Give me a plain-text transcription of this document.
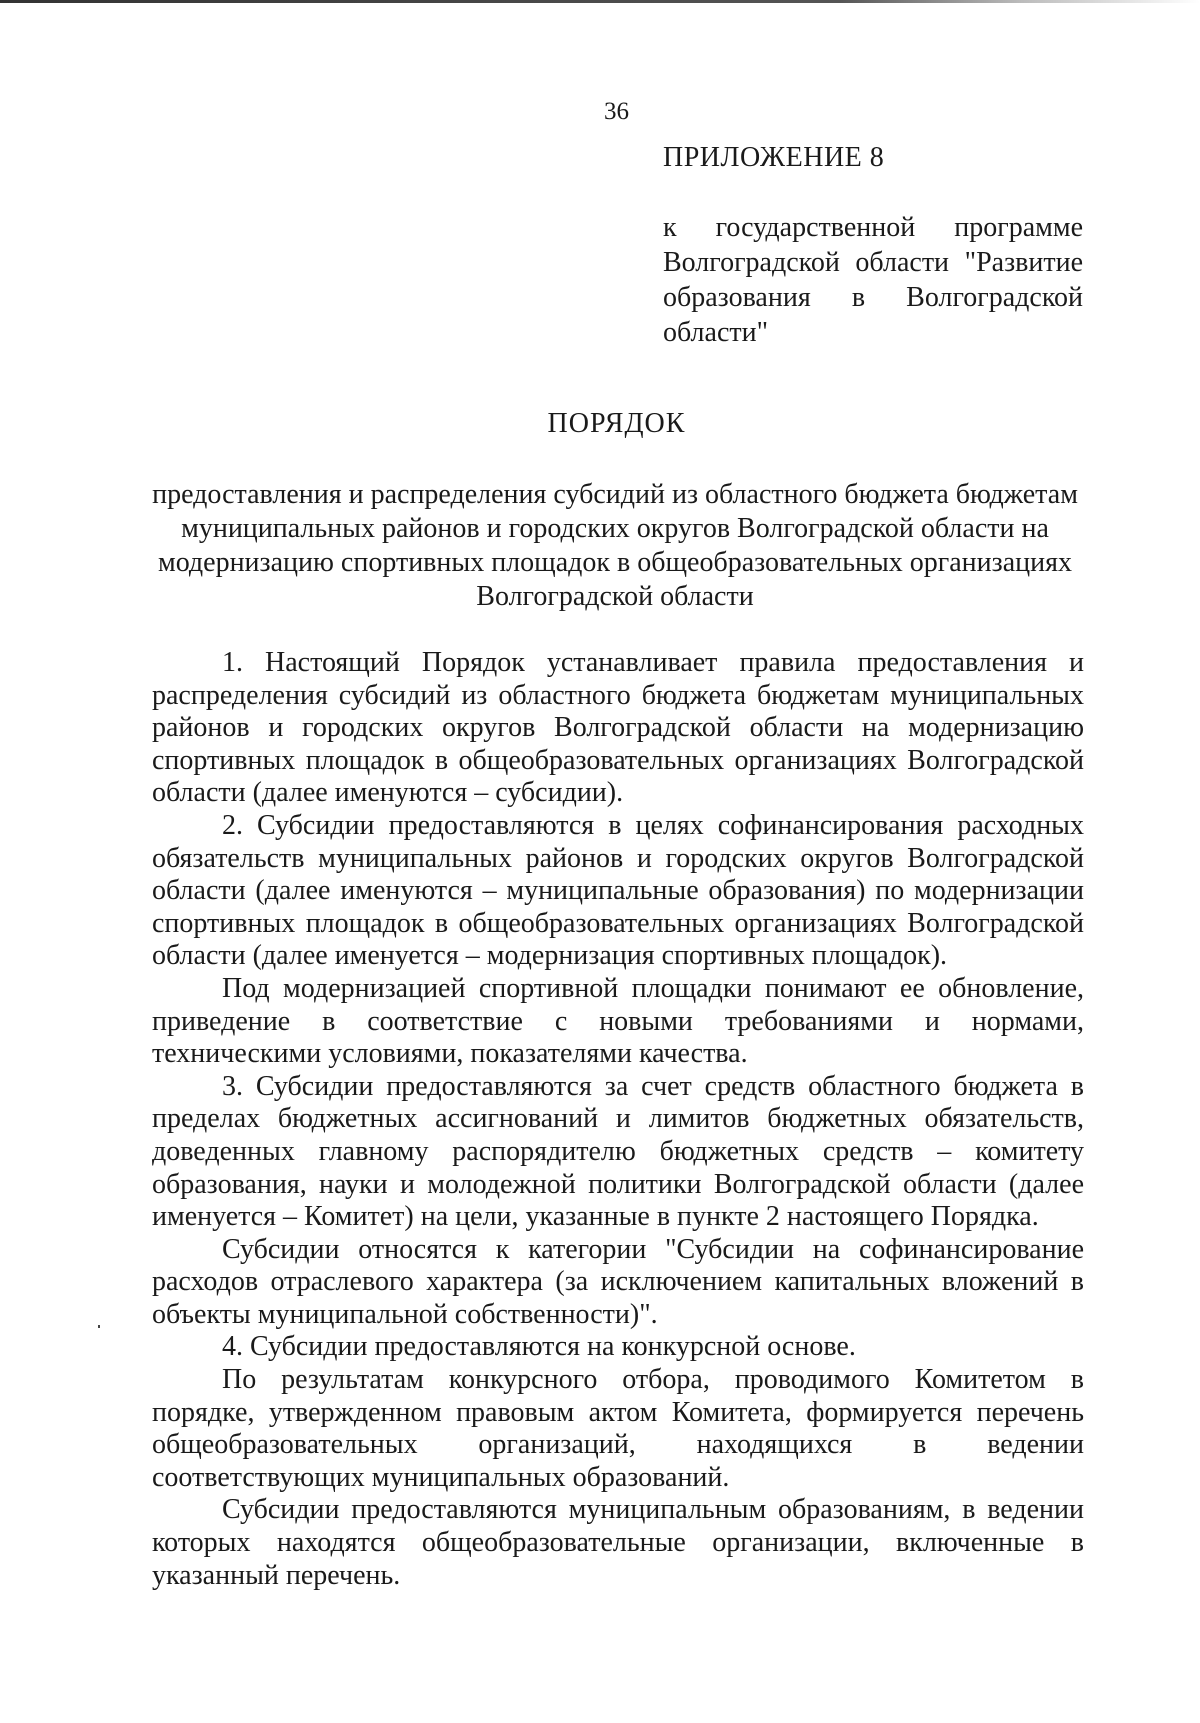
36
ПРИЛОЖЕНИЕ 8
к государственной программе Волгоградской области "Развитие образования в Волгоградской области"
ПОРЯДОК
предоставления и распределения субсидий из областного бюджета бюджетам муниципальных районов и городских округов Волгоградской области на модернизацию спортивных площадок в общеобразовательных организациях Волгоградской области

1. Настоящий Порядок устанавливает правила предоставления и распределения субсидий из областного бюджета бюджетам муниципальных районов и городских округов Волгоградской области на модернизацию спортивных площадок в общеобразовательных организациях Волгоградской области (далее именуются – субсидии).

2. Субсидии предоставляются в целях софинансирования расходных обязательств муниципальных районов и городских округов Волгоградской области (далее именуются – муниципальные образования) по модернизации спортивных площадок в общеобразовательных организациях Волгоградской области (далее именуется – модернизация спортивных площадок).

Под модернизацией спортивной площадки понимают ее обновление, приведение в соответствие с новыми требованиями и нормами, техническими условиями, показателями качества.

3. Субсидии предоставляются за счет средств областного бюджета в пределах бюджетных ассигнований и лимитов бюджетных обязательств, доведенных главному распорядителю бюджетных средств – комитету образования, науки и молодежной политики Волгоградской области (далее именуется – Комитет) на цели, указанные в пункте 2 настоящего Порядка.

Субсидии относятся к категории "Субсидии на софинансирование расходов отраслевого характера (за исключением капитальных вложений в объекты муниципальной собственности)".

4. Субсидии предоставляются на конкурсной основе.

По результатам конкурсного отбора, проводимого Комитетом в порядке, утвержденном правовым актом Комитета, формируется перечень общеобразовательных организаций, находящихся в ведении соответствующих муниципальных образований.

Субсидии предоставляются муниципальным образованиям, в ведении которых находятся общеобразовательные организации, включенные в указанный перечень.
